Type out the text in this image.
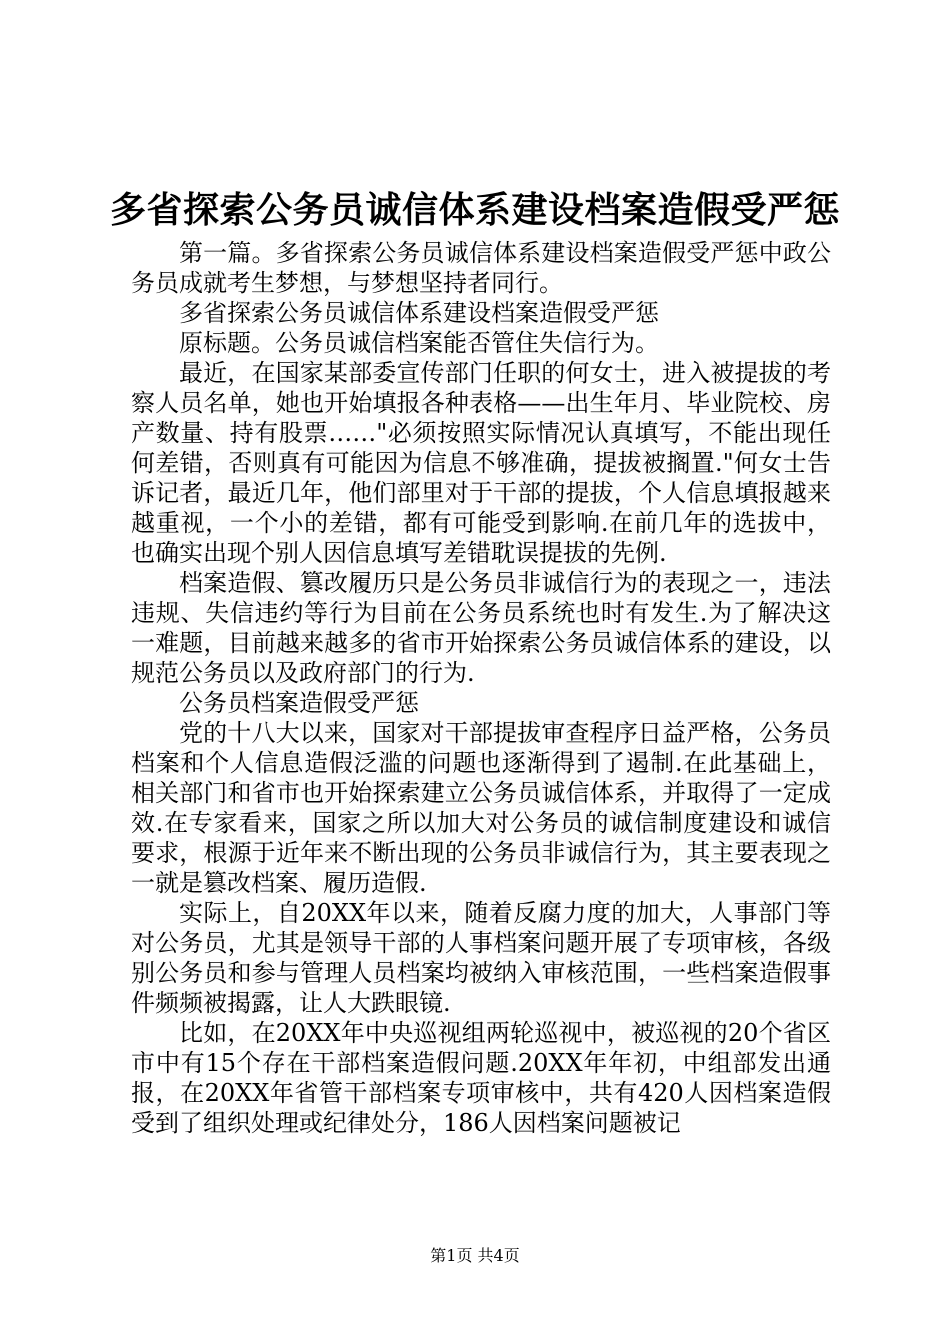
多省探索公务员诚信体系建设档案造假受严惩

第一篇。多省探索公务员诚信体系建设档案造假受严惩中政公务员成就考生梦想，与梦想坚持者同行。

多省探索公务员诚信体系建设档案造假受严惩

原标题。公务员诚信档案能否管住失信行为。

最近，在国家某部委宣传部门任职的何女士，进入被提拔的考察人员名单，她也开始填报各种表格——出生年月、毕业院校、房产数量、持有股票……"必须按照实际情况认真填写，不能出现任何差错，否则真有可能因为信息不够准确，提拔被搁置."何女士告诉记者，最近几年，他们部里对于干部的提拔，个人信息填报越来越重视，一个小的差错，都有可能受到影响.在前几年的选拔中，也确实出现个别人因信息填写差错耽误提拔的先例.

档案造假、篡改履历只是公务员非诚信行为的表现之一，违法违规、失信违约等行为目前在公务员系统也时有发生.为了解决这一难题，目前越来越多的省市开始探索公务员诚信体系的建设，以规范公务员以及政府部门的行为.

公务员档案造假受严惩

党的十八大以来，国家对干部提拔审查程序日益严格，公务员档案和个人信息造假泛滥的问题也逐渐得到了遏制.在此基础上，相关部门和省市也开始探索建立公务员诚信体系，并取得了一定成效.在专家看来，国家之所以加大对公务员的诚信制度建设和诚信要求，根源于近年来不断出现的公务员非诚信行为，其主要表现之一就是篡改档案、履历造假.

实际上，自20XX年以来，随着反腐力度的加大，人事部门等对公务员，尤其是领导干部的人事档案问题开展了专项审核，各级别公务员和参与管理人员档案均被纳入审核范围，一些档案造假事件频频被揭露，让人大跌眼镜.

比如，在20XX年中央巡视组两轮巡视中，被巡视的20个省区市中有15个存在干部档案造假问题.20XX年年初，中组部发出通报，在20XX年省管干部档案专项审核中，共有420人因档案造假受到了组织处理或纪律处分，186人因档案问题被记

第1页 共4页
